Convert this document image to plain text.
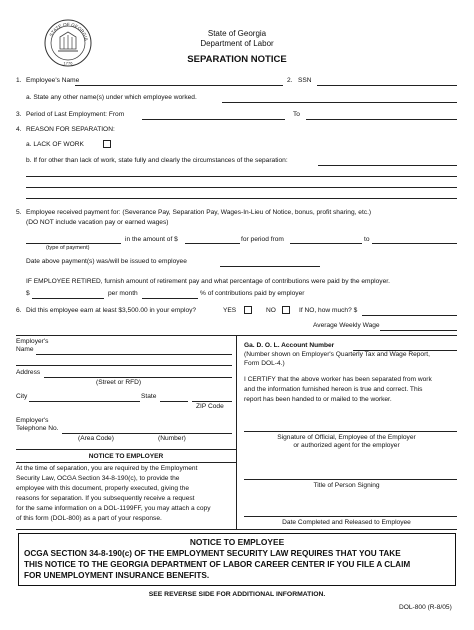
STATE OF GEORGIA
1776
State of Georgia
Department of Labor
SEPARATION NOTICE
1. Employee's Name	2. SSN
a. State any other name(s) under which employee worked.
3. Period of Last Employment: From	To
4. REASON FOR SEPARATION:
a. LACK OF WORK
b. If for other than lack of work, state fully and clearly the circumstances of the separation:
5. Employee received payment for: (Severance Pay, Separation Pay, Wages-In-Lieu of Notice, bonus, profit sharing, etc.)
(DO NOT include vacation pay or earned wages)
in the amount of $	for period from	to
(type of payment)
Date above payment(s) was/will be issued to employee
IF EMPLOYEE RETIRED, furnish amount of retirement pay and what percentage of contributions were paid by the employer.
$	per month	% of contributions paid by employer
6. Did this employee earn at least $3,500.00 in your employ?	YES	NO	If NO, how much? $
Average Weekly Wage
Employer's
Name
Address
(Street or RFD)
City	State
ZIP Code
Employer's
Telephone No.
(Area Code)	(Number)
NOTICE TO EMPLOYER
At the time of separation, you are required by the Employment
Security Law, OCGA Section 34-8-190(c), to provide the
employee with this document, properly executed, giving the
reasons for separation. If you subsequently receive a request
for the same information on a DOL-1199FF, you may attach a copy
of this form (DOL-800) as a part of your response.
Ga. D. O. L. Account Number
(Number shown on Employer's Quarterly Tax and Wage Report,
Form DOL-4.)
I CERTIFY that the above worker has been separated from work
and the information furnished hereon is true and correct. This
report has been handed to or mailed to the worker.
Signature of Official, Employee of the Employer
or authorized agent for the employer
Title of Person Signing
Date Completed and Released to Employee
NOTICE TO EMPLOYEE
OCGA SECTION 34-8-190(c) OF THE EMPLOYMENT SECURITY LAW REQUIRES THAT YOU TAKE
THIS NOTICE TO THE GEORGIA DEPARTMENT OF LABOR CAREER CENTER IF YOU FILE A CLAIM
FOR UNEMPLOYMENT INSURANCE BENEFITS.
SEE REVERSE SIDE FOR ADDITIONAL INFORMATION.
DOL-800 (R-8/05)
